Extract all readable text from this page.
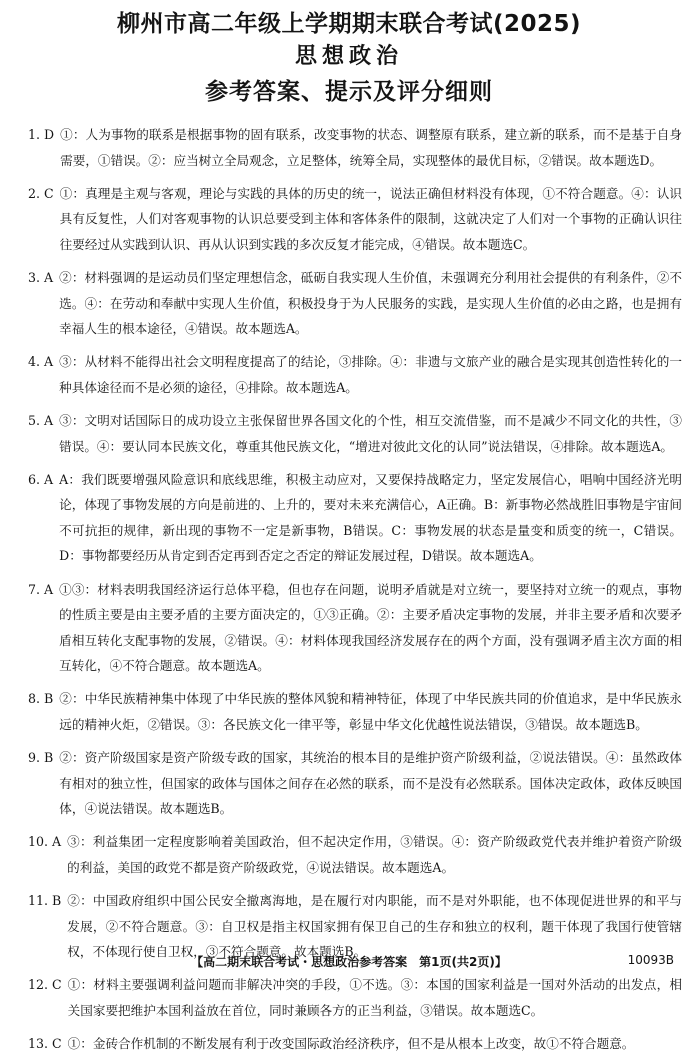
柳州市高二年级上学期期末联合考试(2025)
思想政治
参考答案、提示及评分细则
1. D ①：人为事物的联系是根据事物的固有联系，改变事物的状态、调整原有联系，建立新的联系，而不是基于自身需要，①错误。②：应当树立全局观念，立足整体，统筹全局，实现整体的最优目标，②错误。故本题选D。
2. C ①：真理是主观与客观，理论与实践的具体的历史的统一，说法正确但材料没有体现，①不符合题意。④：认识具有反复性，人们对客观事物的认识总要受到主体和客体条件的限制，这就决定了人们对一个事物的正确认识往往要经过从实践到认识、再从认识到实践的多次反复才能完成，④错误。故本题选C。
3. A ②：材料强调的是运动员们坚定理想信念，砥砺自我实现人生价值，未强调充分利用社会提供的有利条件，②不选。④：在劳动和奉献中实现人生价值，积极投身于为人民服务的实践，是实现人生价值的必由之路，也是拥有幸福人生的根本途径，④错误。故本题选A。
4. A ③：从材料不能得出社会文明程度提高了的结论，③排除。④：非遗与文旅产业的融合是实现其创造性转化的一种具体途径而不是必须的途径，④排除。故本题选A。
5. A ③：文明对话国际日的成功设立主张保留世界各国文化的个性，相互交流借鉴，而不是减少不同文化的共性，③错误。④：要认同本民族文化，尊重其他民族文化，“增进对彼此文化的认同”说法错误，④排除。故本题选A。
6. A A：我们既要增强风险意识和底线思维，积极主动应对，又要保持战略定力，坚定发展信心，唱响中国经济光明论，体现了事物发展的方向是前进的、上升的，要对未来充满信心，A正确。B：新事物必然战胜旧事物是宇宙间不可抗拒的规律，新出现的事物不一定是新事物，B错误。C：事物发展的状态是量变和质变的统一，C错误。D：事物都要经历从肯定到否定再到否定之否定的辩证发展过程，D错误。故本题选A。
7. A ①③：材料表明我国经济运行总体平稳，但也存在问题，说明矛盾就是对立统一，要坚持对立统一的观点，事物的性质主要是由主要矛盾的主要方面决定的，①③正确。②：主要矛盾决定事物的发展，并非主要矛盾和次要矛盾相互转化支配事物的发展，②错误。④：材料体现我国经济发展存在的两个方面，没有强调矛盾主次方面的相互转化，④不符合题意。故本题选A。
8. B ②：中华民族精神集中体现了中华民族的整体风貌和精神特征，体现了中华民族共同的价值追求，是中华民族永远的精神火炬，②错误。③：各民族文化一律平等，彰显中华文化优越性说法错误，③错误。故本题选B。
9. B ②：资产阶级国家是资产阶级专政的国家，其统治的根本目的是维护资产阶级利益，②说法错误。④：虽然政体有相对的独立性，但国家的政体与国体之间存在必然的联系，而不是没有必然联系。国体决定政体，政体反映国体，④说法错误。故本题选B。
10. A ③：利益集团一定程度影响着美国政治，但不起决定作用，③错误。④：资产阶级政党代表并维护着资产阶级的利益，美国的政党不都是资产阶级政党，④说法错误。故本题选A。
11. B ②：中国政府组织中国公民安全撤离海地，是在履行对内职能，而不是对外职能，也不体现促进世界的和平与发展，②不符合题意。③：自卫权是指主权国家拥有保卫自己的生存和独立的权利，题干体现了我国行使管辖权，不体现行使自卫权，③不符合题意。故本题选B。
12. C ①：材料主要强调利益问题而非解决冲突的手段，①不选。③：本国的国家利益是一国对外活动的出发点，相关国家要把维护本国利益放在首位，同时兼顾各方的正当利益，③错误。故本题选C。
13. C ①：金砖合作机制的不断发展有利于改变国际政治经济秩序，但不是从根本上改变，故①不符合题意。
【高二期末联合考试・思想政治参考答案　第1页(共2页)】	10093B
